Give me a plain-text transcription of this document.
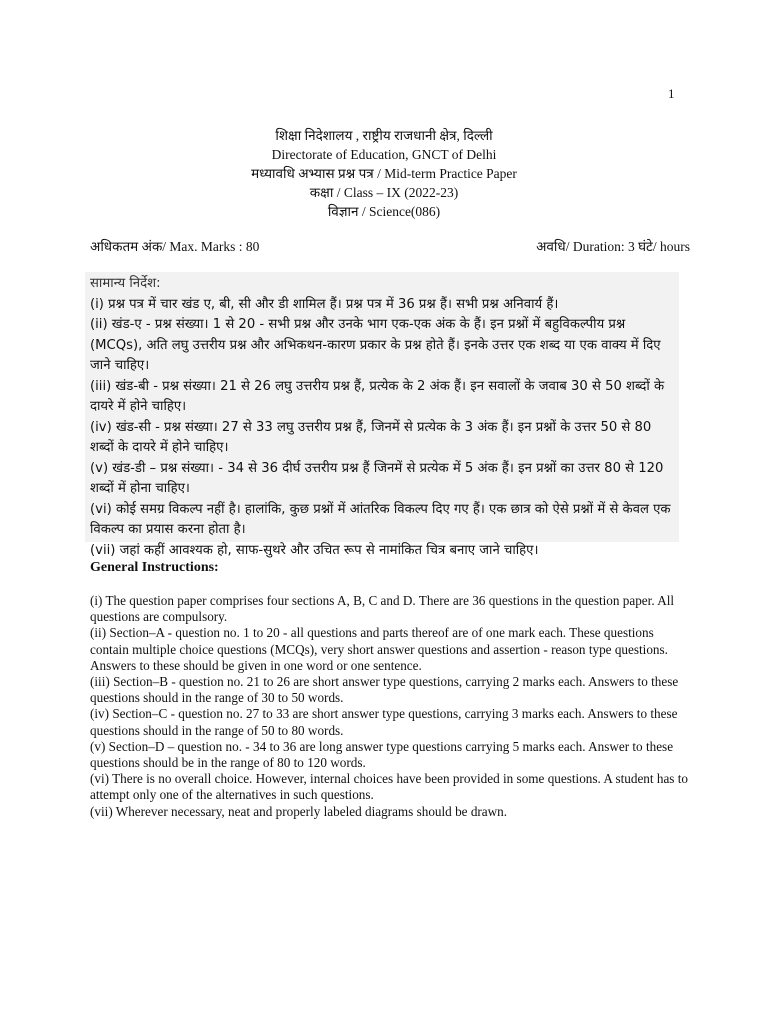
1
शिक्षा निदेशालय , राष्ट्रीय राजधानी क्षेत्र, दिल्ली
Directorate of Education, GNCT of Delhi
मध्यावधि अभ्यास प्रश्न पत्र / Mid-term Practice Paper
कक्षा / Class – IX (2022-23)
विज्ञान / Science(086)
अधिकतम अंक/ Max. Marks : 80	अवधि/ Duration: 3 घंटे/ hours
सामान्य निर्देश:

(i) प्रश्न पत्र में चार खंड ए, बी, सी और डी शामिल हैं। प्रश्न पत्र में 36 प्रश्न हैं। सभी प्रश्न अनिवार्य हैं।

(ii) खंड-ए - प्रश्न संख्या। 1 से 20 - सभी प्रश्न और उनके भाग एक-एक अंक के हैं। इन प्रश्नों में बहुविकल्पीय प्रश्न (MCQs), अति लघु उत्तरीय प्रश्न और अभिकथन-कारण प्रकार के प्रश्न होते हैं। इनके उत्तर एक शब्द या एक वाक्य में दिए जाने चाहिए।

(iii) खंड-बी - प्रश्न संख्या। 21 से 26 लघु उत्तरीय प्रश्न हैं, प्रत्येक के 2 अंक हैं। इन सवालों के जवाब 30 से 50 शब्दों के दायरे में होने चाहिए।

(iv) खंड-सी - प्रश्न संख्या। 27 से 33 लघु उत्तरीय प्रश्न हैं, जिनमें से प्रत्येक के 3 अंक हैं। इन प्रश्नों के उत्तर 50 से 80 शब्दों के दायरे में होने चाहिए।

(v) खंड-डी – प्रश्न संख्या। - 34 से 36 दीर्घ उत्तरीय प्रश्न हैं जिनमें से प्रत्येक में 5 अंक हैं। इन प्रश्नों का उत्तर 80 से 120 शब्दों में होना चाहिए।

(vi) कोई समग्र विकल्प नहीं है। हालांकि, कुछ प्रश्नों में आंतरिक विकल्प दिए गए हैं। एक छात्र को ऐसे प्रश्नों में से केवल एक विकल्प का प्रयास करना होता है।

(vii) जहां कहीं आवश्यक हो, साफ-सुथरे और उचित रूप से नामांकित चित्र बनाए जाने चाहिए।

General Instructions:

(i) The question paper comprises four sections A, B, C and D. There are 36 questions in the question paper. All questions are compulsory.

(ii) Section–A - question no. 1 to 20 - all questions and parts thereof are of one mark each. These questions contain multiple choice questions (MCQs), very short answer questions and assertion - reason type questions. Answers to these should be given in one word or one sentence.

(iii) Section–B - question no. 21 to 26 are short answer type questions, carrying 2 marks each. Answers to these questions should in the range of 30 to 50 words.

(iv) Section–C - question no. 27 to 33 are short answer type questions, carrying 3 marks each. Answers to these questions should in the range of 50 to 80 words.

(v) Section–D – question no. - 34 to 36 are long answer type questions carrying 5 marks each. Answer to these questions should be in the range of 80 to 120 words.

(vi) There is no overall choice. However, internal choices have been provided in some questions. A student has to attempt only one of the alternatives in such questions.

(vii) Wherever necessary, neat and properly labeled diagrams should be drawn.
